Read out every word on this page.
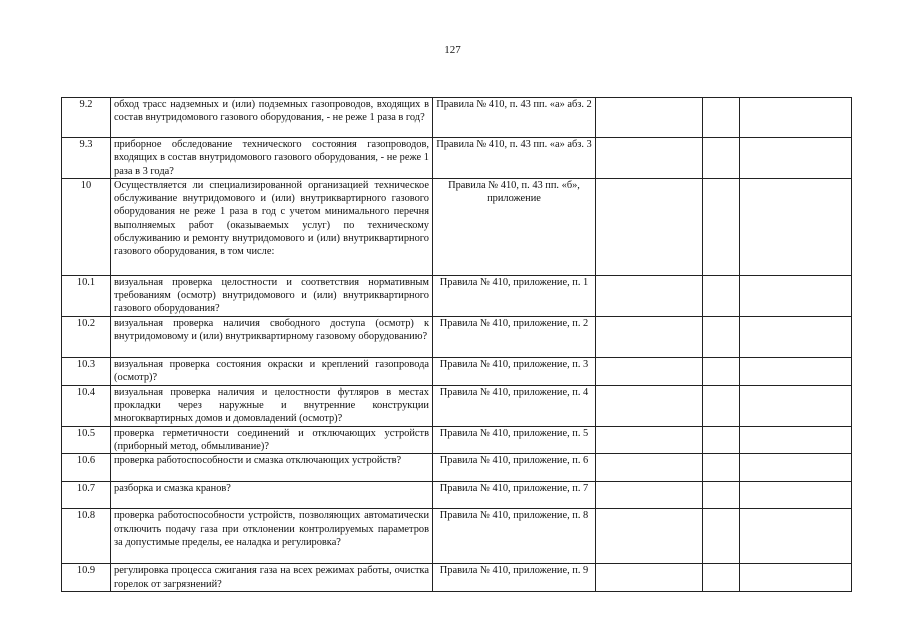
127
9.2	обход трасс надземных и (или) подземных газопроводов, входящих в состав внутридомового газового оборудования, - не реже 1 раза в год?	Правила № 410, п. 43 пп. «а» абз. 2			
9.3	приборное обследование технического состояния газопроводов, входящих в состав внутридомового газового оборудования, - не реже 1 раза в 3 года?	Правила № 410, п. 43 пп. «а» абз. 3			
10	Осуществляется ли специализированной организацией техническое обслуживание внутридомового и (или) внутриквартирного газового оборудования не реже 1 раза в год с учетом минимального перечня выполняемых работ (оказываемых услуг) по техническому обслуживанию и ремонту внутридомового и (или) внутриквартирного газового оборудования, в том числе:	Правила № 410, п. 43 пп. «б», приложение			
10.1	визуальная проверка целостности и соответствия нормативным требованиям (осмотр) внутридомового и (или) внутриквартирного газового оборудования?	Правила № 410, приложение, п. 1			
10.2	визуальная проверка наличия свободного доступа (осмотр) к внутридомовому и (или) внутриквартирному газовому оборудованию?	Правила № 410, приложение, п. 2			
10.3	визуальная проверка состояния окраски и креплений газопровода (осмотр)?	Правила № 410, приложение, п. 3			
10.4	визуальная проверка наличия и целостности футляров в местах прокладки через наружные и внутренние конструкции многоквартирных домов и домовладений (осмотр)?	Правила № 410, приложение, п. 4			
10.5	проверка герметичности соединений и отключающих устройств (приборный метод, обмыливание)?	Правила № 410, приложение, п. 5			
10.6	проверка работоспособности и смазка отключающих устройств?	Правила № 410, приложение, п. 6			
10.7	разборка и смазка кранов?	Правила № 410, приложение, п. 7			
10.8	проверка работоспособности устройств, позволяющих автоматически отключить подачу газа при отклонении контролируемых параметров за допустимые пределы, ее наладка и регулировка?	Правила № 410, приложение, п. 8			
10.9	регулировка процесса сжигания газа на всех режимах работы, очистка горелок от загрязнений?	Правила № 410, приложение, п. 9			
